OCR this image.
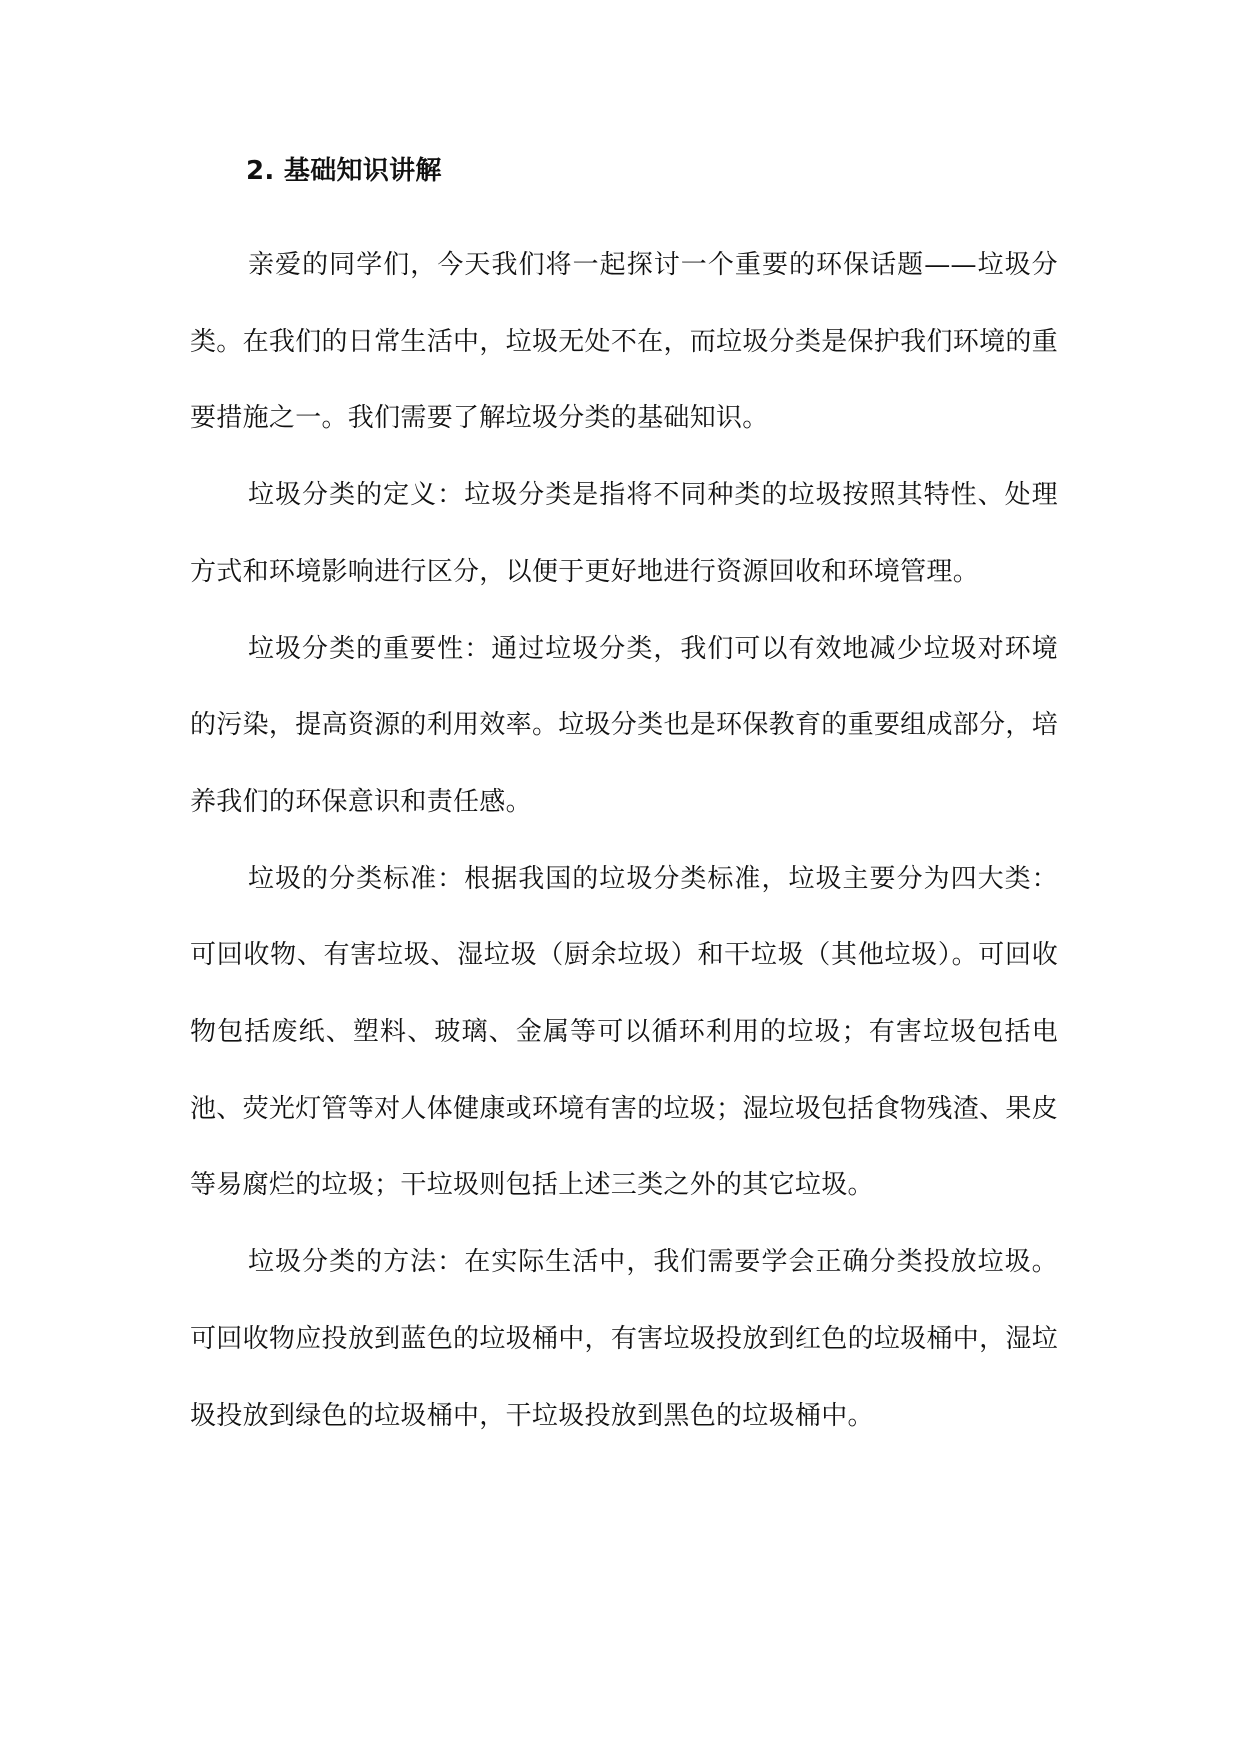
2. 基础知识讲解

亲爱的同学们，今天我们将一起探讨一个重要的环保话题——垃圾分类。在我们的日常生活中，垃圾无处不在，而垃圾分类是保护我们环境的重要措施之一。我们需要了解垃圾分类的基础知识。

垃圾分类的定义：垃圾分类是指将不同种类的垃圾按照其特性、处理方式和环境影响进行区分，以便于更好地进行资源回收和环境管理。

垃圾分类的重要性：通过垃圾分类，我们可以有效地减少垃圾对环境的污染，提高资源的利用效率。垃圾分类也是环保教育的重要组成部分，培养我们的环保意识和责任感。

垃圾的分类标准：根据我国的垃圾分类标准，垃圾主要分为四大类：可回收物、有害垃圾、湿垃圾（厨余垃圾）和干垃圾（其他垃圾）。可回收物包括废纸、塑料、玻璃、金属等可以循环利用的垃圾；有害垃圾包括电池、荧光灯管等对人体健康或环境有害的垃圾；湿垃圾包括食物残渣、果皮等易腐烂的垃圾；干垃圾则包括上述三类之外的其它垃圾。

垃圾分类的方法：在实际生活中，我们需要学会正确分类投放垃圾。可回收物应投放到蓝色的垃圾桶中，有害垃圾投放到红色的垃圾桶中，湿垃圾投放到绿色的垃圾桶中，干垃圾投放到黑色的垃圾桶中。
